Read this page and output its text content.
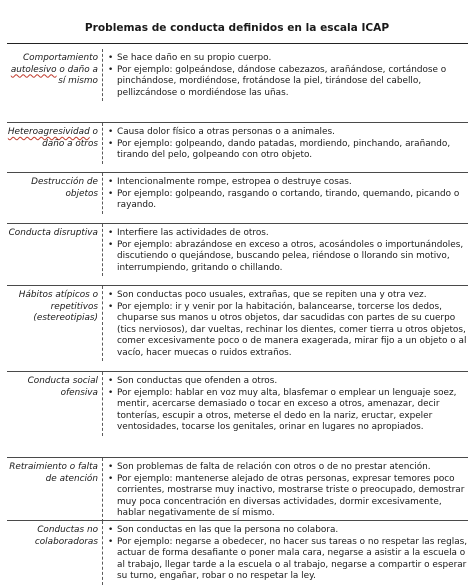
Problemas de conducta definidos en la escala ICAP
Comportamiento autolesivo o daño a sí mismo
• Se hace daño en su propio cuerpo.
• Por ejemplo: golpeándose, dándose cabezazos, arañándose, cortándose o pinchándose, mordiéndose, frotándose la piel, tirándose del cabello, pellizcándose o mordiéndose las uñas.
Heteroagresividad o daño a otros
• Causa dolor físico a otras personas o a animales.
• Por ejemplo: golpeando, dando patadas, mordiendo, pinchando, arañando, tirando del pelo, golpeando con otro objeto.
Destrucción de objetos
• Intencionalmente rompe, estropea o destruye cosas.
• Por ejemplo: golpeando, rasgando o cortando, tirando, quemando, picando o rayando.
Conducta disruptiva
•	Interfiere las actividades de otros.
• Por ejemplo: abrazándose en exceso a otros, acosándoles o importunándoles, discutiendo o quejándose, buscando pelea, riéndose o llorando sin motivo, interrumpiendo, gritando o chillando.
Hábitos atípicos o repetitivos (estereotipias)
• Son conductas poco usuales, extrañas, que se repiten una y otra vez.
• Por ejemplo: ir y venir por la habitación, balancearse, torcerse los dedos, chuparse sus manos u otros objetos, dar sacudidas con partes de su cuerpo (tics nerviosos), dar vueltas, rechinar los dientes, comer tierra u otros objetos, comer excesivamente poco o de manera exagerada, mirar fijo a un objeto o al vacío, hacer muecas o ruidos extraños.
Conducta social ofensiva
• Son conductas que ofenden a otros.
• Por ejemplo: hablar en voz muy alta, blasfemar o emplear un lenguaje soez, mentir, acercarse demasiado o tocar en exceso a otros, amenazar, decir tonterías, escupir a otros, meterse el dedo en la nariz, eructar, expeler ventosidades, tocarse los genitales, orinar en lugares no apropiados.
Retraimiento o falta de atención
• Son problemas de falta de relación con otros o de no prestar atención.
• Por ejemplo: mantenerse alejado de otras personas, expresar temores poco corrientes, mostrarse muy inactivo, mostrarse triste o preocupado, demostrar muy poca concentración en diversas actividades, dormir excesivamente, hablar negativamente de sí mismo.
Conductas no colaboradoras
• Son conductas en las que la persona no colabora.
• Por ejemplo: negarse a obedecer, no hacer sus tareas o no respetar las reglas, actuar de forma desafiante o poner mala cara, negarse a asistir a la escuela o al trabajo, llegar tarde a la escuela o al trabajo, negarse a compartir o esperar su turno, engañar, robar o no respetar la ley.
